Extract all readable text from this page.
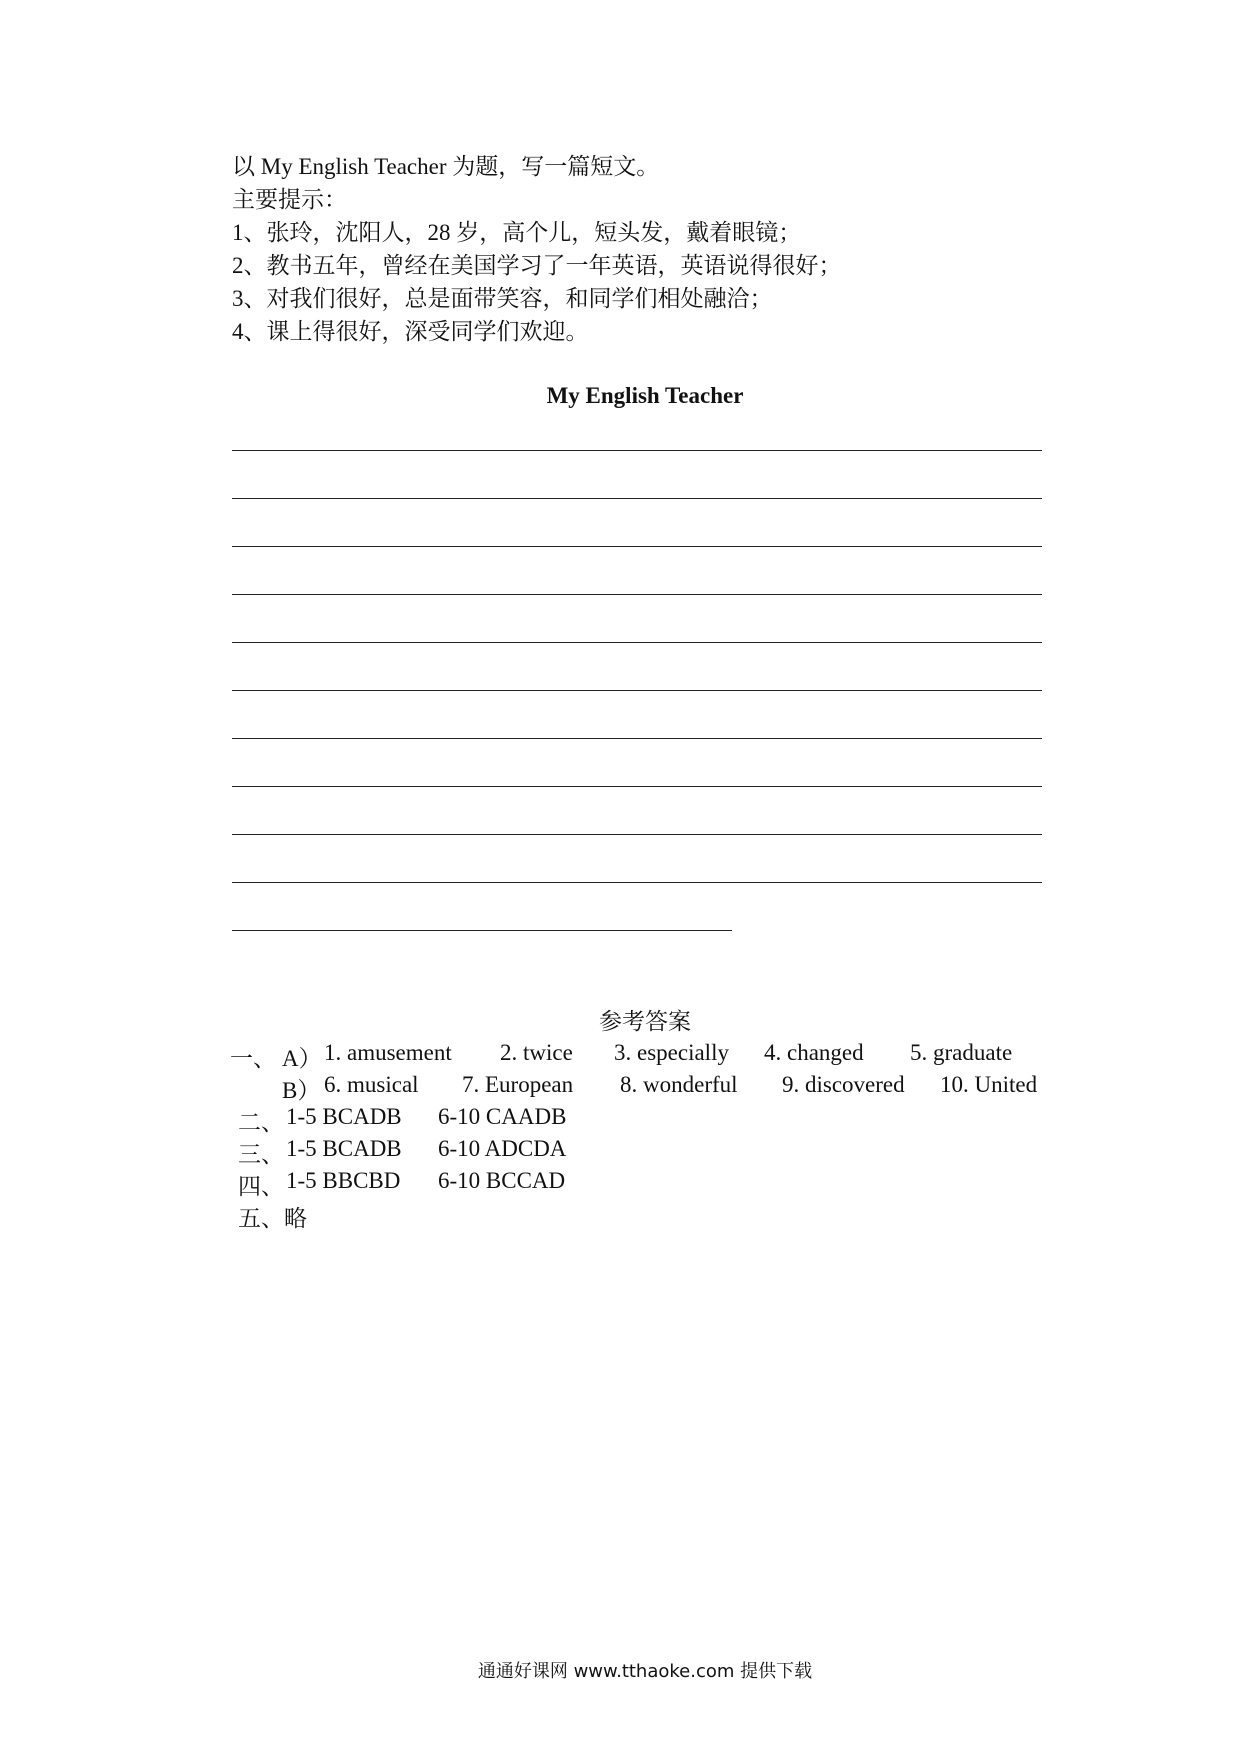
以 My English Teacher 为题，写一篇短文。
主要提示：
1、张玲，沈阳人，28 岁，高个儿，短头发，戴着眼镜；
2、教书五年，曾经在美国学习了一年英语，英语说得很好；
3、对我们很好，总是面带笑容，和同学们相处融洽；
4、课上得很好，深受同学们欢迎。
My English Teacher
参考答案
一、 A） 1. amusement 2. twice 3. especially 4. changed 5. graduate
B） 6. musical 7. European 8. wonderful 9. discovered 10. United
二、 1-5 BCADB 6-10 CAADB
三、 1-5 BCADB 6-10 ADCDA
四、 1-5 BBCBD 6-10 BCCAD
五、 略
通通好课网 www.tthaoke.com 提供下载
